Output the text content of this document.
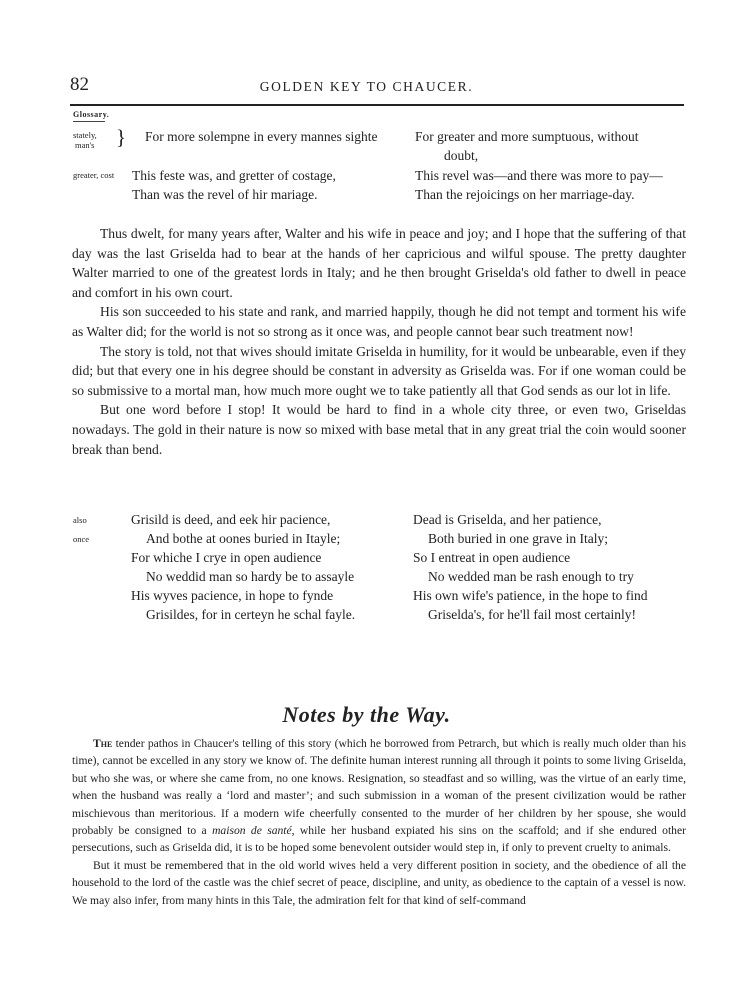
82	GOLDEN KEY TO CHAUCER.
Glossary.
stately,
man's }
greater, cost
For more solempne in every mannes sighte
This feste was, and gretter of costage,
Than was the revel of hir mariage.
For greater and more sumptuous, without
doubt,
This revel was—and there was more to pay—
Than the rejoicings on her marriage-day.

Thus dwelt, for many years after, Walter and his wife in peace and joy; and I hope that the suffering of that day was the last Griselda had to bear at the hands of her capricious and wilful spouse. The pretty daughter Walter married to one of the greatest lords in Italy; and he then brought Griselda's old father to dwell in peace and comfort in his own court.

His son succeeded to his state and rank, and married happily, though he did not tempt and torment his wife as Walter did; for the world is not so strong as it once was, and people cannot bear such treatment now!

The story is told, not that wives should imitate Griselda in humility, for it would be unbearable, even if they did; but that every one in his degree should be constant in adversity as Griselda was. For if one woman could be so submissive to a mortal man, how much more ought we to take patiently all that God sends as our lot in life.

But one word before I stop! It would be hard to find in a whole city three, or even two, Griseldas nowadays. The gold in their nature is now so mixed with base metal that in any great trial the coin would sooner break than bend.

also
once
Grisild is deed, and eek hir pacience,
And bothe at oones buried in Itayle;
For whiche I crye in open audience
No weddid man so hardy be to assayle
His wyves pacience, in hope to fynde
Grisildes, for in certeyn he schal fayle.
Dead is Griselda, and her patience,
Both buried in one grave in Italy;
So I entreat in open audience
No wedded man be rash enough to try
His own wife's patience, in the hope to find
Griselda's, for he'll fail most certainly!
Notes by the Way.

The tender pathos in Chaucer's telling of this story (which he borrowed from Petrarch, but which is really much older than his time), cannot be excelled in any story we know of. The definite human interest running all through it points to some living Griselda, but who she was, or where she came from, no one knows. Resignation, so steadfast and so willing, was the virtue of an early time, when the husband was really a ‘lord and master’; and such submission in a woman of the present civilization would be rather mischievous than meritorious. If a modern wife cheerfully consented to the murder of her children by her spouse, she would probably be consigned to a maison de santé, while her husband expiated his sins on the scaffold; and if she endured other persecutions, such as Griselda did, it is to be hoped some benevolent outsider would step in, if only to prevent cruelty to animals.

But it must be remembered that in the old world wives held a very different position in society, and the obedience of all the household to the lord of the castle was the chief secret of peace, discipline, and unity, as obedience to the captain of a vessel is now. We may also infer, from many hints in this Tale, the admiration felt for that kind of self-command
